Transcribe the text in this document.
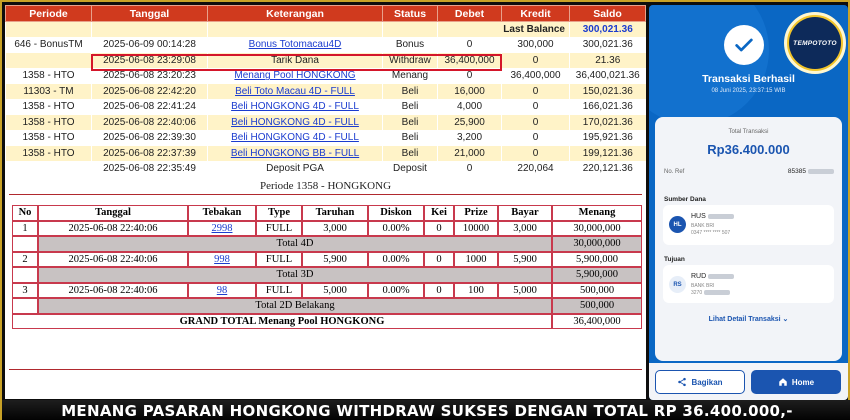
Periode	Tanggal	Keterangan	Status	Debet	Kredit	Saldo
				Last Balance		300,021.36
646 - BonusTM	2025-06-09 00:14:28	Bonus Totomacau4D	Bonus	0	300,000	300,021.36
	2025-06-08 23:29:08	Tarik Dana	Withdraw	36,400,000	0	21.36
1358 - HTO	2025-06-08 23:20:23	Menang Pool HONGKONG	Menang	0	36,400,000	36,400,021.36
11303 - TM	2025-06-08 22:42:20	Beli Toto Macau 4D - FULL	Beli	16,000	0	150,021.36
1358 - HTO	2025-06-08 22:41:24	Beli HONGKONG 4D - FULL	Beli	4,000	0	166,021.36
1358 - HTO	2025-06-08 22:40:06	Beli HONGKONG 4D - FULL	Beli	25,900	0	170,021.36
1358 - HTO	2025-06-08 22:39:30	Beli HONGKONG 4D - FULL	Beli	3,200	0	195,921.36
1358 - HTO	2025-06-08 22:37:39	Beli HONGKONG BB - FULL	Beli	21,000	0	199,121.36
	2025-06-08 22:35:49	Deposit PGA	Deposit	0	220,064	220,121.36
Periode 1358 - HONGKONG
No	Tanggal	Tebakan	Type	Taruhan	Diskon	Kei	Prize	Bayar	Menang
1	2025-06-08 22:40:06	2998	FULL	3,000	0.00%	0	10000	3,000	30,000,000
	Total 4D								30,000,000
2	2025-06-08 22:40:06	998	FULL	5,900	0.00%	0	1000	5,900	5,900,000
	Total 3D								5,900,000
3	2025-06-08 22:40:06	98	FULL	5,000	0.00%	0	100	5,000	500,000
	Total 2D Belakang								500,000
GRAND TOTAL Menang Pool HONGKONG									36,400,000
TEMPOTOTO
Transaksi Berhasil
08 Juni 2025, 23:37:15 WIB
Total Transaksi
Rp36.400.000
No. Ref	85385
Sumber Dana
HL
HUS
BANK BRI
0347 **** **** 507
Tujuan
RS
RUD
BANK BRI
3270
Lihat Detail Transaksi ⌄
Bagikan	Home
MENANG PASARAN HONGKONG WITHDRAW SUKSES DENGAN TOTAL RP 36.400.000,-
